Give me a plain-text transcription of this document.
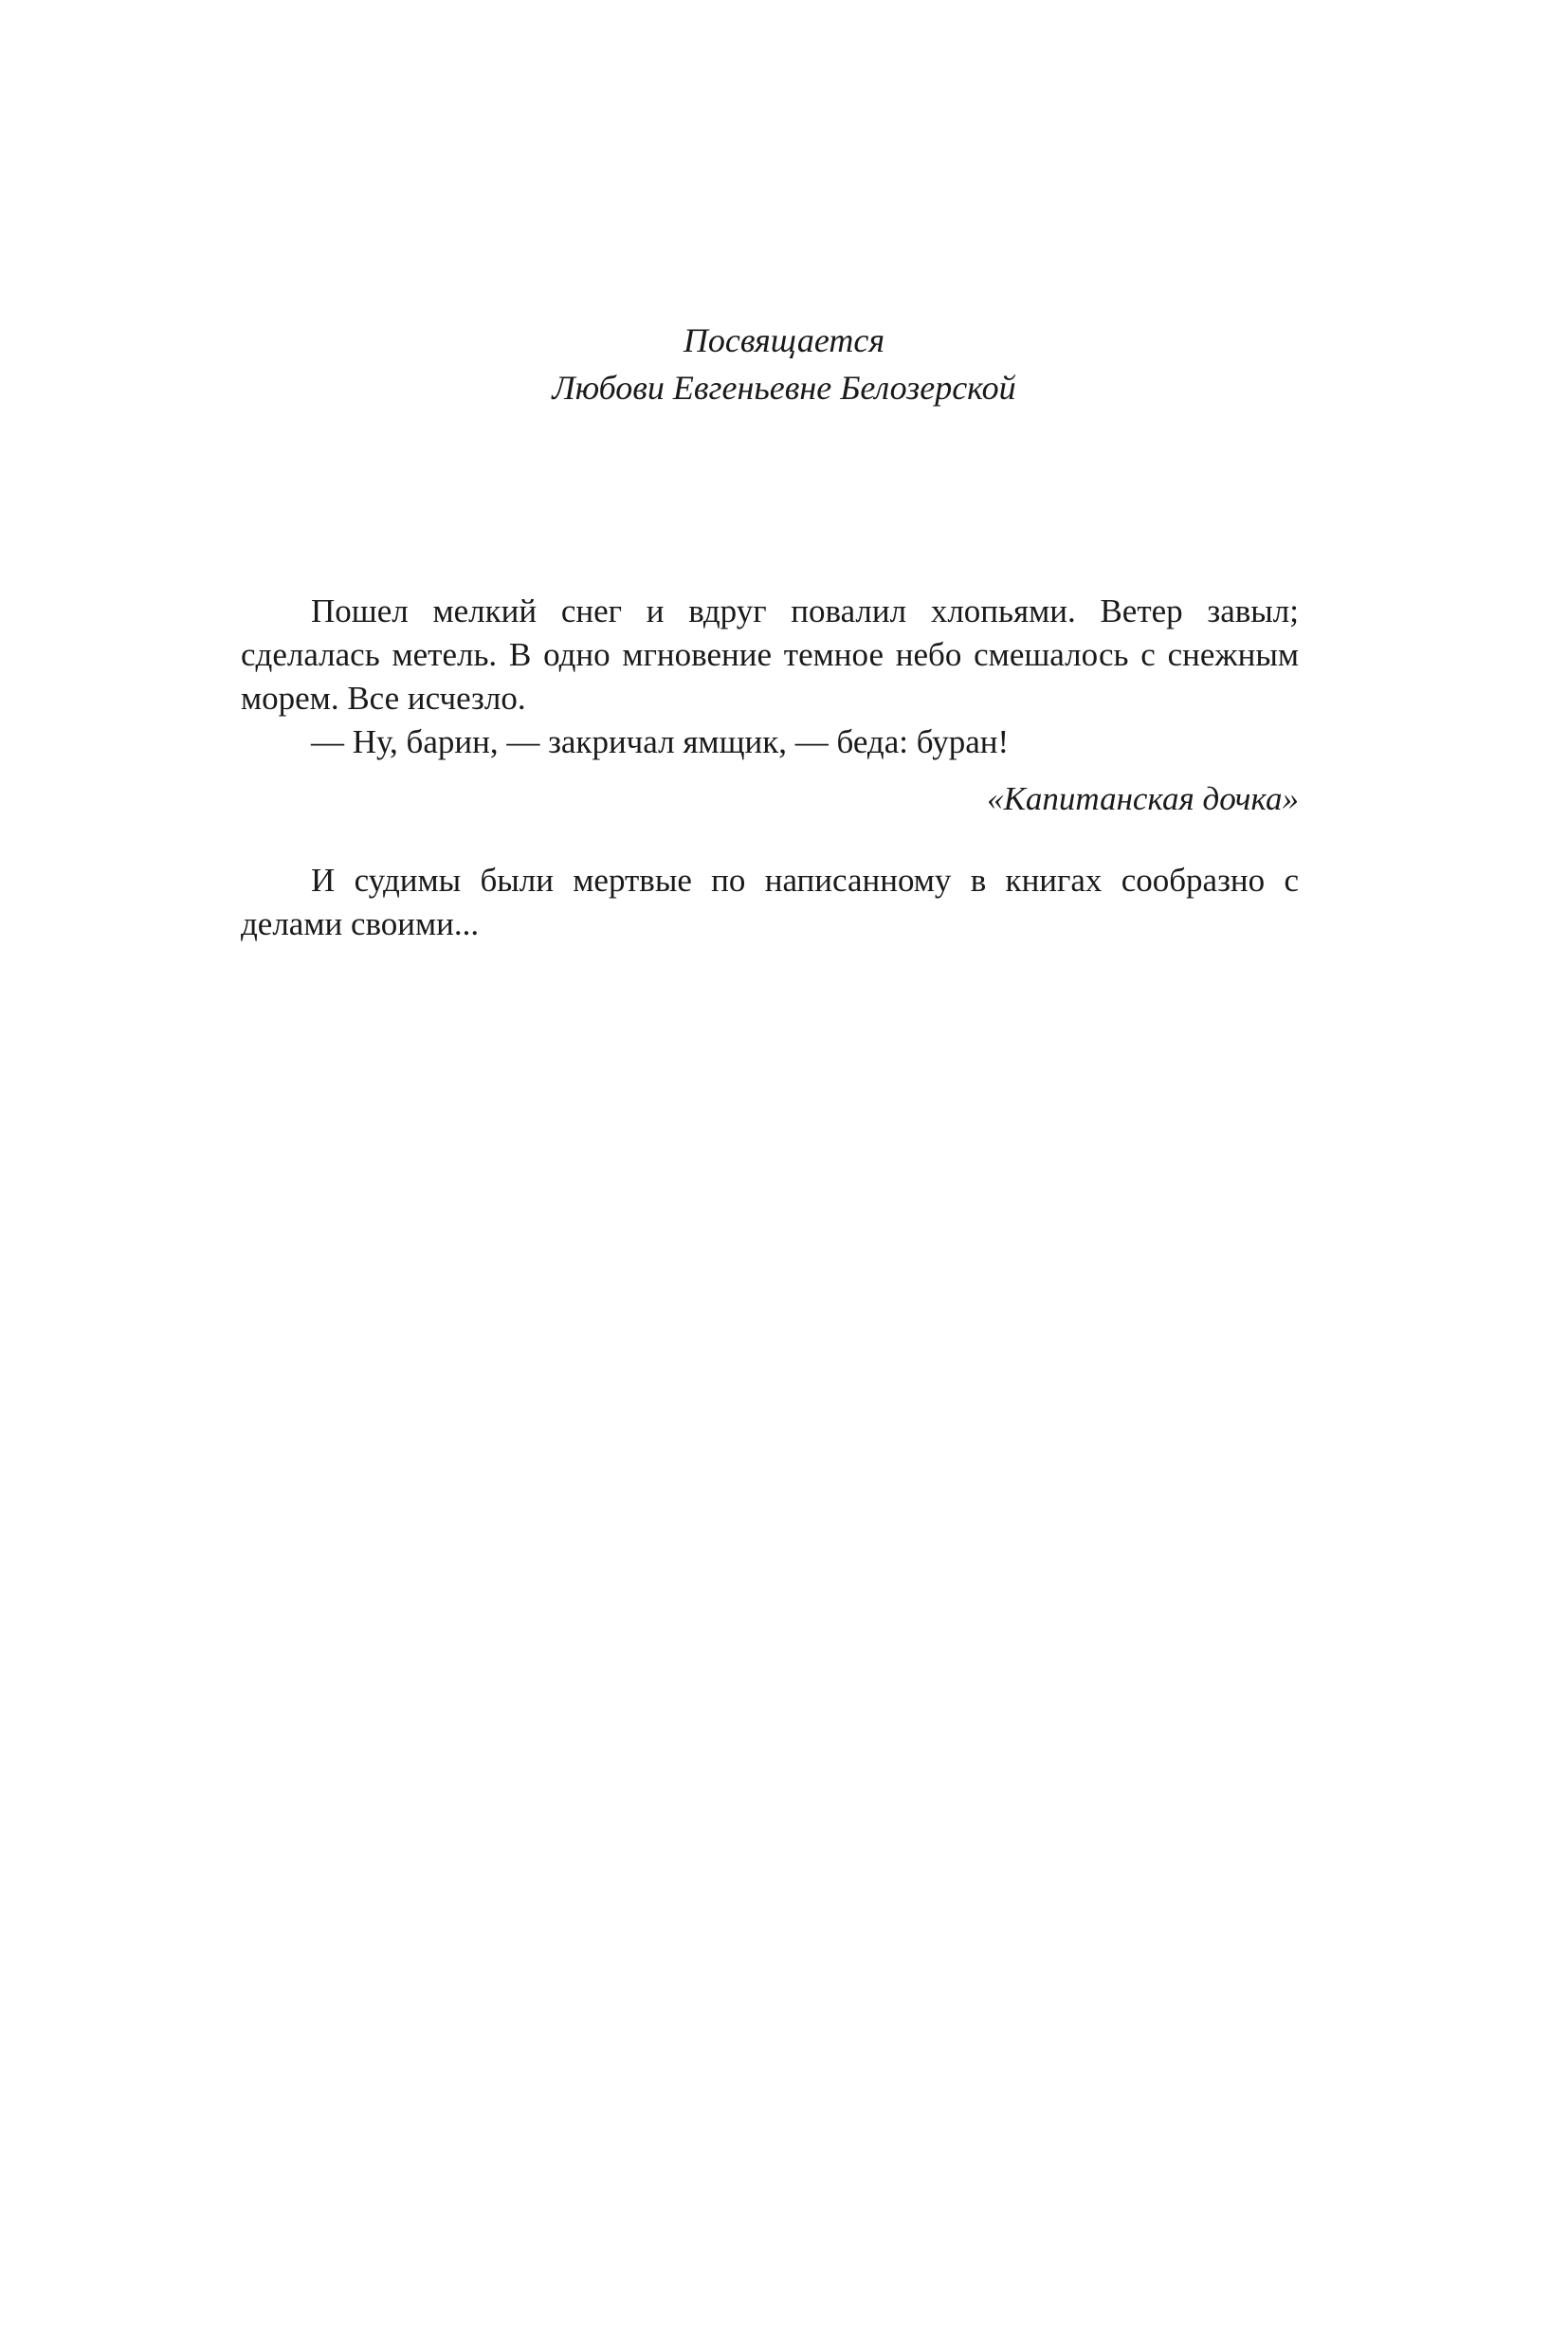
Посвящается
Любови Евгеньевне Белозерской

Пошел мелкий снег и вдруг повалил хлопьями. Ветер завыл; сделалась метель. В одно мгновение темное небо смешалось с снежным морем. Все исчезло.

— Ну, барин, — закричал ямщик, — беда: буран!

«Капитанская дочка»

И судимы были мертвые по написанному в книгах сообразно с делами своими...
